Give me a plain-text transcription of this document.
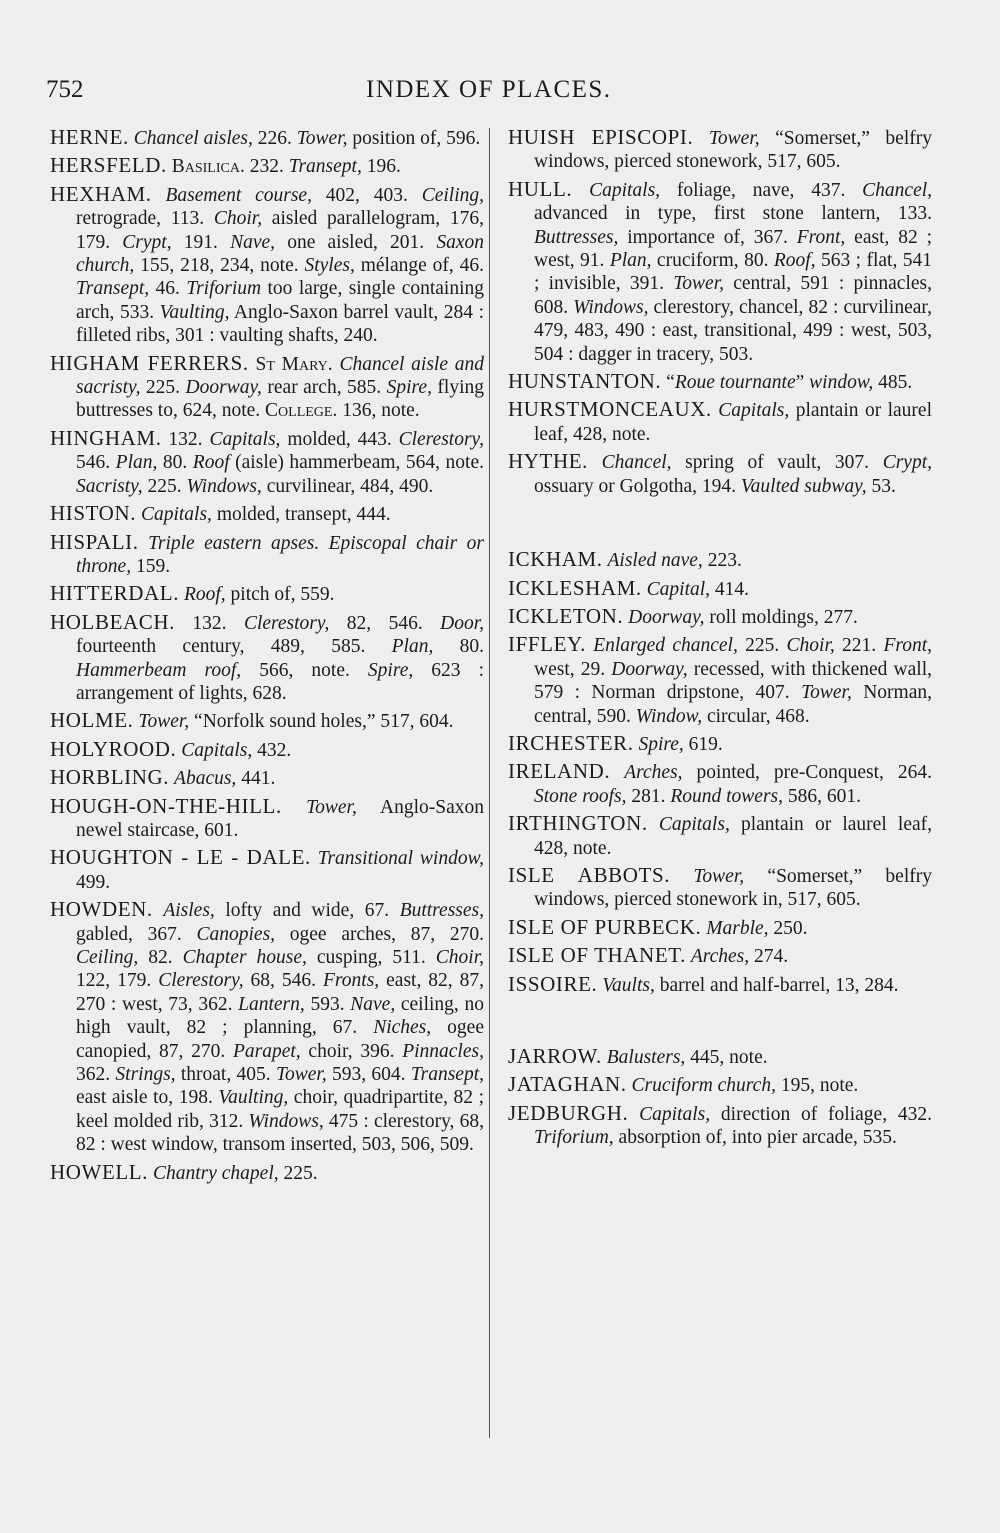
752	INDEX OF PLACES.
HERNE. Chancel aisles, 226. Tower, position of, 596.
HERSFELD. Basilica. 232. Transept, 196.
HEXHAM. Basement course, 402, 403. Ceiling, retrograde, 113. Choir, aisled parallelogram, 176, 179. Crypt, 191. Nave, one aisled, 201. Saxon church, 155, 218, 234, note. Styles, mélange of, 46. Transept, 46. Triforium too large, single containing arch, 533. Vaulting, Anglo-Saxon barrel vault, 284 : filleted ribs, 301 : vaulting shafts, 240.
HIGHAM FERRERS. St Mary. Chancel aisle and sacristy, 225. Doorway, rear arch, 585. Spire, flying buttresses to, 624, note. College. 136, note.
HINGHAM. 132. Capitals, molded, 443. Clerestory, 546. Plan, 80. Roof (aisle) hammerbeam, 564, note. Sacristy, 225. Windows, curvilinear, 484, 490.
HISTON. Capitals, molded, transept, 444.
HISPALI. Triple eastern apses. Episcopal chair or throne, 159.
HITTERDAL. Roof, pitch of, 559.
HOLBEACH. 132. Clerestory, 82, 546. Door, fourteenth century, 489, 585. Plan, 80. Hammerbeam roof, 566, note. Spire, 623 : arrangement of lights, 628.
HOLME. Tower, “Norfolk sound holes,” 517, 604.
HOLYROOD. Capitals, 432.
HORBLING. Abacus, 441.
HOUGH-ON-THE-HILL. Tower, Anglo-Saxon newel staircase, 601.
HOUGHTON - LE - DALE. Transitional window, 499.
HOWDEN. Aisles, lofty and wide, 67. Buttresses, gabled, 367. Canopies, ogee arches, 87, 270. Ceiling, 82. Chapter house, cusping, 511. Choir, 122, 179. Clerestory, 68, 546. Fronts, east, 82, 87, 270 : west, 73, 362. Lantern, 593. Nave, ceiling, no high vault, 82 ; planning, 67. Niches, ogee canopied, 87, 270. Parapet, choir, 396. Pinnacles, 362. Strings, throat, 405. Tower, 593, 604. Transept, east aisle to, 198. Vaulting, choir, quadripartite, 82 ; keel molded rib, 312. Windows, 475 : clerestory, 68, 82 : west window, transom inserted, 503, 506, 509.
HOWELL. Chantry chapel, 225.
HUISH EPISCOPI. Tower, “Somerset,” belfry windows, pierced stonework, 517, 605.
HULL. Capitals, foliage, nave, 437. Chancel, advanced in type, first stone lantern, 133. Buttresses, importance of, 367. Front, east, 82 ; west, 91. Plan, cruciform, 80. Roof, 563 ; flat, 541 ; invisible, 391. Tower, central, 591 : pinnacles, 608. Windows, clerestory, chancel, 82 : curvilinear, 479, 483, 490 : east, transitional, 499 : west, 503, 504 : dagger in tracery, 503.
HUNSTANTON. “Roue tournante” window, 485.
HURSTMONCEAUX. Capitals, plantain or laurel leaf, 428, note.
HYTHE. Chancel, spring of vault, 307. Crypt, ossuary or Golgotha, 194. Vaulted subway, 53.
ICKHAM. Aisled nave, 223.
ICKLESHAM. Capital, 414.
ICKLETON. Doorway, roll moldings, 277.
IFFLEY. Enlarged chancel, 225. Choir, 221. Front, west, 29. Doorway, recessed, with thickened wall, 579 : Norman dripstone, 407. Tower, Norman, central, 590. Window, circular, 468.
IRCHESTER. Spire, 619.
IRELAND. Arches, pointed, pre-Conquest, 264. Stone roofs, 281. Round towers, 586, 601.
IRTHINGTON. Capitals, plantain or laurel leaf, 428, note.
ISLE ABBOTS. Tower, “Somerset,” belfry windows, pierced stonework in, 517, 605.
ISLE OF PURBECK. Marble, 250.
ISLE OF THANET. Arches, 274.
ISSOIRE. Vaults, barrel and half-barrel, 13, 284.
JARROW. Balusters, 445, note.
JATAGHAN. Cruciform church, 195, note.
JEDBURGH. Capitals, direction of foliage, 432. Triforium, absorption of, into pier arcade, 535.
